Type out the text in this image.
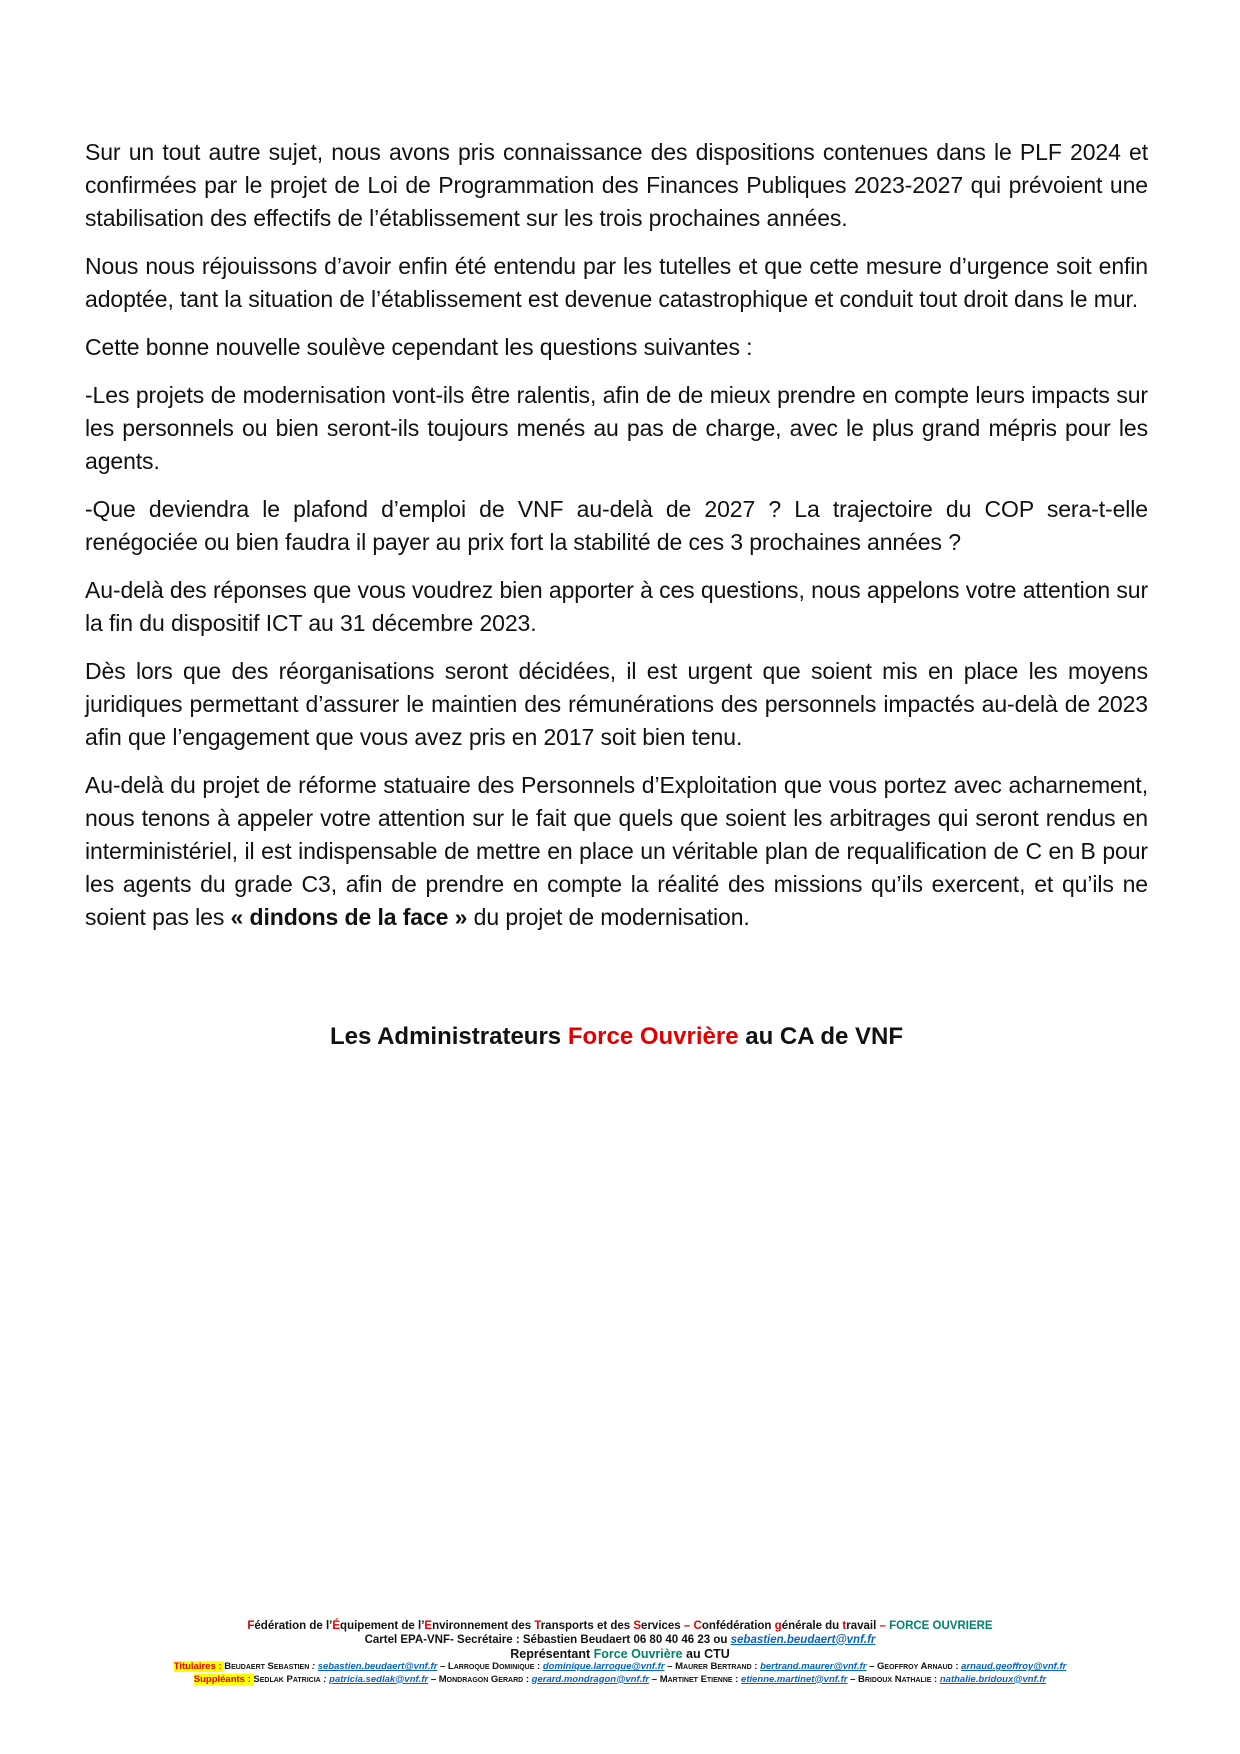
Sur un tout autre sujet, nous avons pris connaissance des dispositions contenues dans le PLF 2024 et confirmées par le projet de Loi de Programmation des Finances Publiques 2023-2027 qui prévoient une stabilisation des effectifs de l’établissement sur les trois prochaines années.

Nous nous réjouissons d’avoir enfin été entendu par les tutelles et que cette mesure d’urgence soit enfin adoptée, tant la situation de l’établissement est devenue catastrophique et conduit tout droit dans le mur.

Cette bonne nouvelle soulève cependant les questions suivantes :

-Les projets de modernisation vont-ils être ralentis, afin de de mieux prendre en compte leurs impacts sur les personnels ou bien seront-ils toujours menés au pas de charge, avec le plus grand mépris pour les agents.

-Que deviendra le plafond d’emploi de VNF au-delà de 2027 ? La trajectoire du COP sera-t-elle renégociée ou bien faudra il payer au prix fort la stabilité de ces 3 prochaines années ?

Au-delà des réponses que vous voudrez bien apporter à ces questions, nous appelons votre attention sur la fin du dispositif ICT au 31 décembre 2023.

Dès lors que des réorganisations seront décidées, il est urgent que soient mis en place les moyens juridiques permettant d’assurer le maintien des rémunérations des personnels impactés au-delà de 2023 afin que l’engagement que vous avez pris en 2017 soit bien tenu.

Au-delà du projet de réforme statuaire des Personnels d’Exploitation que vous portez avec acharnement, nous tenons à appeler votre attention sur le fait que quels que soient les arbitrages qui seront rendus en interministériel, il est indispensable de mettre en place un véritable plan de requalification de C en B pour les agents du grade C3, afin de prendre en compte la réalité des missions qu’ils exercent, et qu’ils ne soient pas les « dindons de la face » du projet de modernisation.

Les Administrateurs Force Ouvrière au CA de VNF
Fédération de l’Équipement de l’Environnement des Transports et des Services – Confédération générale du travail – FORCE OUVRIERE
Cartel EPA-VNF- Secrétaire : Sébastien Beudaert 06 80 40 46 23 ou sebastien.beudaert@vnf.fr
Représentant Force Ouvrière au CTU
Titulaires : Beudaert Sebastien : sebastien.beudaert@vnf.fr – Larroque Dominique : dominique.larroque@vnf.fr – Maurer Bertrand : bertrand.maurer@vnf.fr – Geoffroy Arnaud : arnaud.geoffroy@vnf.fr
Suppléants : Sedlak Patricia : patricia.sedlak@vnf.fr – Mondragon Gerard : gerard.mondragon@vnf.fr – Martinet Etienne : etienne.martinet@vnf.fr – Bridoux Nathalie : nathalie.bridoux@vnf.fr
